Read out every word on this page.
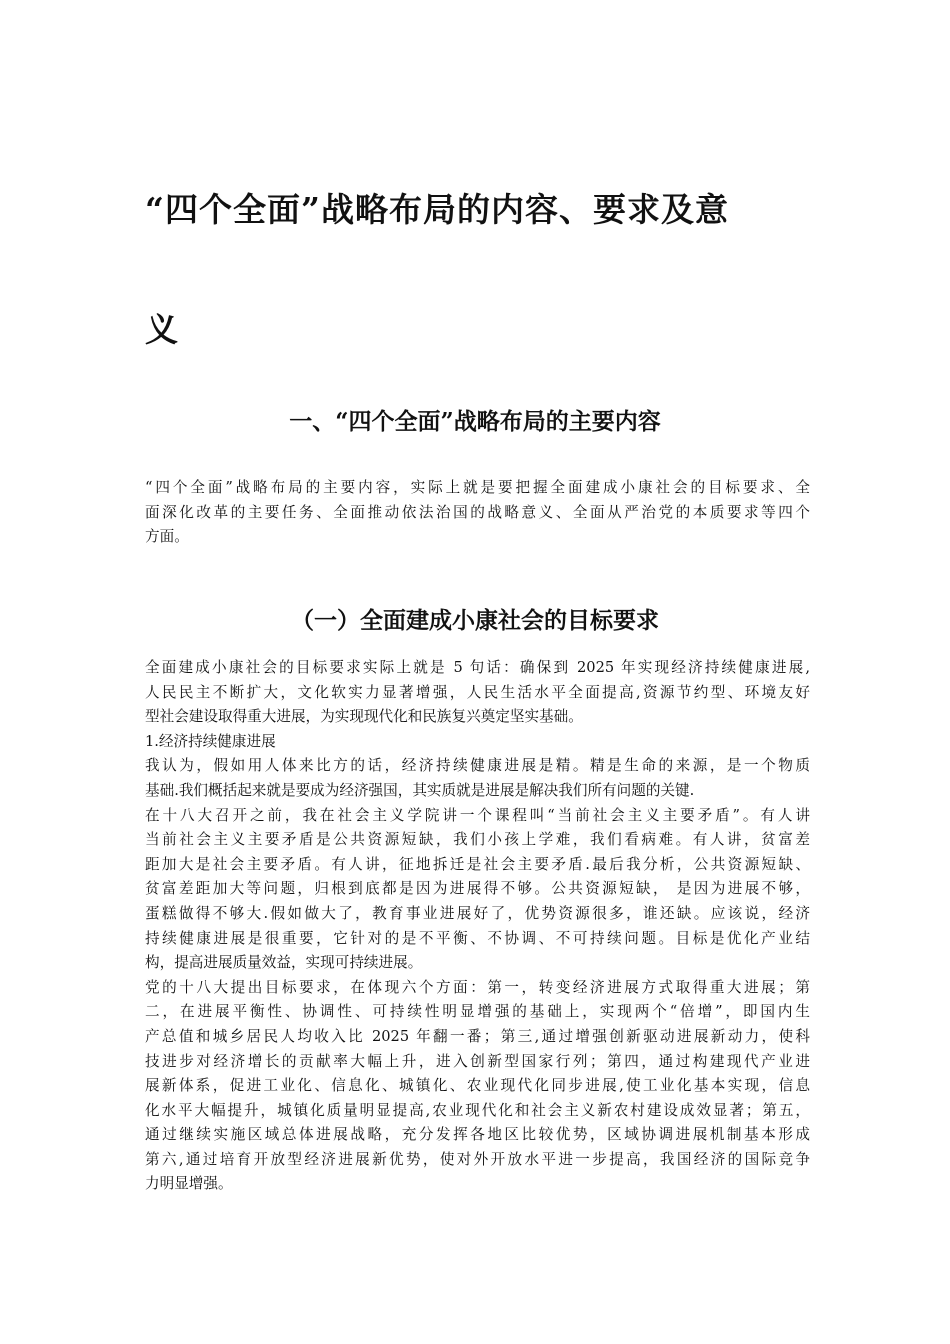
“四个全面”战略布局的内容、要求及意
义
一、“四个全面”战略布局的主要内容

“四个全面”战略布局的主要内容，实际上就是要把握全面建成小康社会的目标要求、全
面深化改革的主要任务、全面推动依法治国的战略意义、全面从严治党的本质要求等四个
方面。

（一）全面建成小康社会的目标要求
全面建成小康社会的目标要求实际上就是 5 句话：确保到 2025 年实现经济持续健康进展,
人民民主不断扩大，文化软实力显著增强，人民生活水平全面提高,资源节约型、环境友好
型社会建设取得重大进展，为实现现代化和民族复兴奠定坚实基础。
1.经济持续健康进展
我认为，假如用人体来比方的话，经济持续健康进展是精。精是生命的来源，是一个物质
基础.我们概括起来就是要成为经济强国，其实质就是进展是解决我们所有问题的关键.
在十八大召开之前，我在社会主义学院讲一个课程叫“当前社会主义主要矛盾”。有人讲
当前社会主义主要矛盾是公共资源短缺，我们小孩上学难，我们看病难。有人讲，贫富差
距加大是社会主要矛盾。有人讲，征地拆迁是社会主要矛盾.最后我分析，公共资源短缺、
贫富差距加大等问题，归根到底都是因为进展得不够。公共资源短缺， 是因为进展不够，
蛋糕做得不够大.假如做大了，教育事业进展好了，优势资源很多，谁还缺。应该说，经济
持续健康进展是很重要，它针对的是不平衡、不协调、不可持续问题。目标是优化产业结
构，提高进展质量效益，实现可持续进展。
党的十八大提出目标要求，在体现六个方面：第一，转变经济进展方式取得重大进展；第
二，在进展平衡性、协调性、可持续性明显增强的基础上，实现两个“倍增”，即国内生
产总值和城乡居民人均收入比 2025 年翻一番；第三,通过增强创新驱动进展新动力，使科
技进步对经济增长的贡献率大幅上升，进入创新型国家行列；第四，通过构建现代产业进
展新体系，促进工业化、信息化、城镇化、农业现代化同步进展,使工业化基本实现，信息
化水平大幅提升，城镇化质量明显提高,农业现代化和社会主义新农村建设成效显著；第五，
通过继续实施区域总体进展战略，充分发挥各地区比较优势，区域协调进展机制基本形成
第六,通过培育开放型经济进展新优势，使对外开放水平进一步提高，我国经济的国际竞争
力明显增强。
